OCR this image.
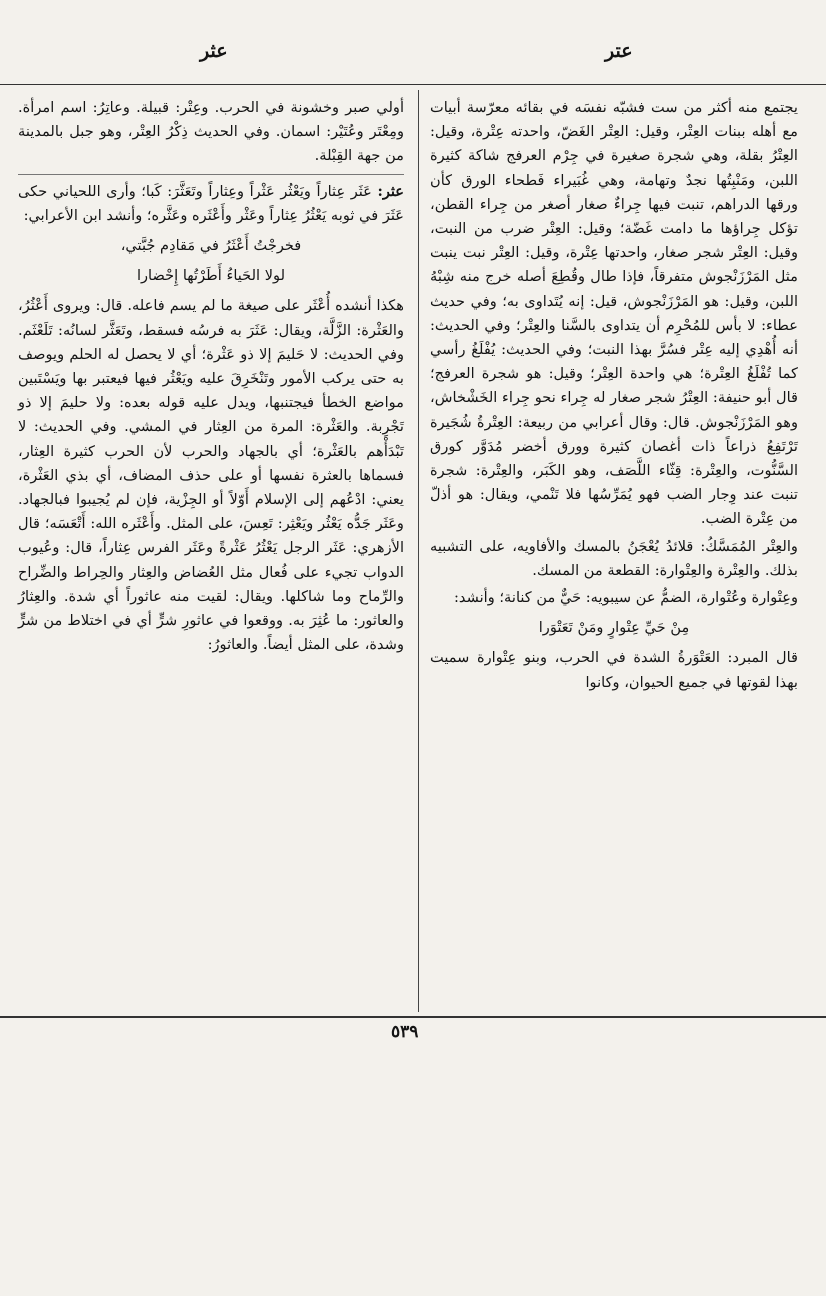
عثر	عتر

يجتمع منه أكثر من ست فشبّه نفسَه في بقائه معرّسة أبيات مع أهله ببنات العِتْر، وقيل: العِتْر الغَضّ، واحدته عِتْرة، وقيل: العِتْرُ بقلة، وهي شجرة صغيرة في جِرْم العرفج شاكة كثيرة اللبن، ومَنْبِتُها نجدٌ وتهامة، وهي غُبَيراء فَطحاء الورق كأن ورقها الدراهم، تنبت فيها جِراءٌ صغار أصغر من جِراء القطن، تؤكل جِراؤها ما دامت غَضّة؛ وقيل: العِتْر ضرب من النبت، وقيل: العِتْر شجر صغار، واحدتها عِتْرة، وقيل: العِتْر نبت ينبت مثل المَرْزَنْجوش متفرقاً، فإذا طال وقُطِعَ أصله خرج منه شِبْهُ اللبن، وقيل: هو المَرْزَنْجوش، قيل: إنه يُتَداوى به؛ وفي حديث عطاء: لا بأس للمُحْرِم أن يتداوى بالسَّنا والعِتْر؛ وفي الحديث: أنه أُهْدِي إليه عِتْر فسُرَّ بهذا النبت؛ وفي الحديث: يُفْلَغُ رأسي كما تُفْلَغُ العِتْرة؛ هي واحدة العِتْر؛ وقيل: هو شجرة العرفج؛ قال أبو حنيفة: العِتْرُ شجر صغار له جِراء نحو جِراء الخَشْخاش، وهو المَرْزَنْجوش. قال: وقال أعرابي من ربيعة: العِتْرةُ شُجَيرة تَرْتَفِعُ ذراعاً ذات أغصان كثيرة وورق أخضر مُدَوَّر كورق السَّنُّوت، والعِتْرة: قِثّاء اللَّصَف، وهو الكَبَر، والعِتْرة: شجرة تنبت عند وِجار الضب فهو يُمَرِّسُها فلا تَنْمي، ويقال: هو أذلّ من عِتْرة الضب.

والعِتْر المُمَسَّكُ: قلائدُ يُعْجَنُ بالمسك والأفاويه، على التشبيه بذلك. والعِتْرة والعِتْوارة: القطعة من المسك.

وعِتْوارة وعُتْوارة، الضمُّ عن سيبويه: حَيٌّ من كنانة؛ وأنشد:

مِنْ حَيِّ عِتْوارٍ ومَنْ تَعَتْوَرا

قال المبرد: العَتْوَرةُ الشدة في الحرب، وبنو عِتْوارة سميت بهذا لقوتها في جميع الحيوان، وكانوا

أولي صبر وخشونة في الحرب. وعِتْر: قبيلة. وعاتِرُ: اسم امرأة. ومِعْتَر وعُتَيْر: اسمان. وفي الحديث ذِكْرُ العِتْر، وهو جبل بالمدينة من جهة القِبْلة.

عثر: عَثَر عِثاراً ويَعْثُر عَثْراً وعِثاراً وتَعَثَّرَ: كَبا؛ وأرى اللحياني حكى عَثَرَ في ثوبه يَعْثُرُ عِثاراً وعَثْر وأَعْثَره وعَثَّره؛ وأنشد ابن الأعرابي:

فخرجْتُ أَعْثَرُ في مَقادِم جُبَّتي،

لولا الحَياءُ أَطَرْتُها إِحْضارا

هكذا أنشده أُعْثَر على صيغة ما لم يسم فاعله. قال: ويروى أَعْثُرُ، والعَثْرة: الزَّلَّة، ويقال: عَثَرَ به فرسُه فسقط، وتَعَثَّر لسانُه: تَلَعْثَم. وفي الحديث: لا حَليمَ إلا ذو عَثْرة؛ أي لا يحصل له الحلم ويوصف به حتى يركب الأمور وتَنْخَرِقَ عليه ويَعْثُر فيها فيعتبر بها ويَسْتَبين مواضع الخطأ فيجتنبها، ويدل عليه قوله بعده: ولا حليمَ إلا ذو تَجْرِبة. والعَثْرة: المرة من العِثار في المشي. وفي الحديث: لا تَبْدَأْهم بالعَثْرة؛ أي بالجهاد والحرب لأن الحرب كثيرة العِثار، فسماها بالعثرة نفسها أو على حذف المضاف، أي بذي العَثْرة، يعني: ادْعُهم إلى الإسلام أَوّلاً أو الجِزْية، فإن لم يُجيبوا فبالجهاد. وعَثَر جَدُّه يَعْثُر ويَعْثِر: تَعِسَ، على المثل. وأَعْثَره الله: أَتْعَسَه؛ قال الأزهري: عَثَر الرجل يَعْثُرُ عَثْرةً وعَثَر الفرس عِثاراً، قال: وعُيوب الدواب تجيء على فُعال مثل العُضاض والعِثار والحِراط والضِّراح والرِّماح وما شاكلها. ويقال: لقيت منه عاثوراً أي شدة. والعِثارُ والعاثور: ما عُثِرَ به. ووقعوا في عاثورِ شرٍّ أي في اختلاط من شرٍّ وشدة، على المثل أيضاً. والعاثورُ:

٥٣٩
